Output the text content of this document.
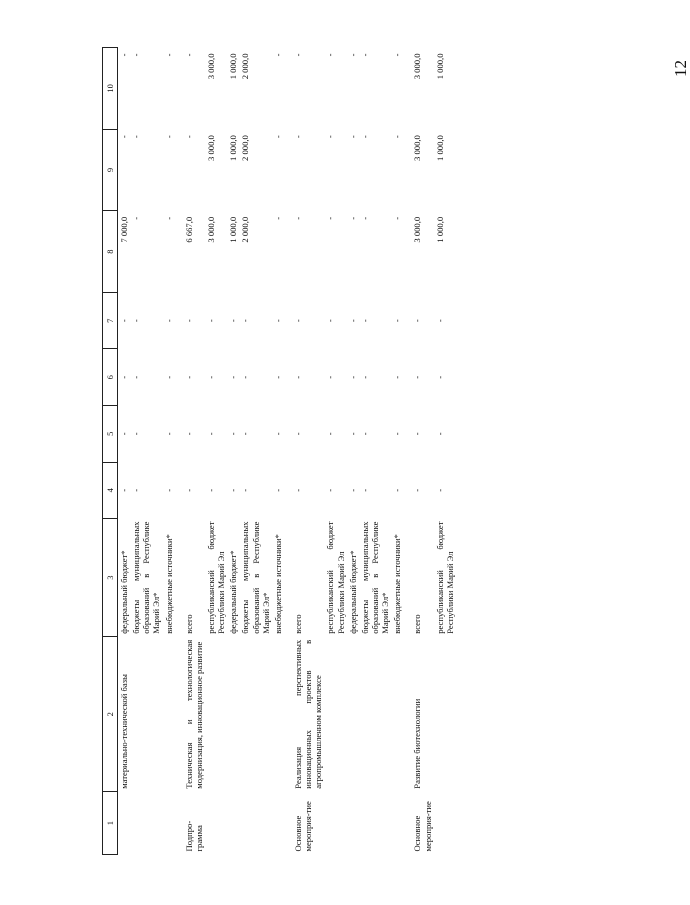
12
1	2	3	4	5	6	7	8	9	10
	материально-технической базы	федеральный бюджет*	-	-	-	-	7 000,0	-	-
		бюджеты муниципальных образований в Республике Марий Эл*	-	-	-	-	-	-	-
		внебюджетные источники*	-	-	-	-	-	-	-

Подпро-грамма	Техническая и технологическая модернизация, инновационное развитие	всего	-	-	-	-	6 667,0	-	-
		республиканский бюджет Республики Марий Эл	-	-	-	-	3 000,0	3 000,0	3 000,0
		федеральный бюджет*	-	-	-	-	1 000,0	1 000,0	1 000,0
		бюджеты муниципальных образований в Республике Марий Эл*	-	-	-	-	2 000,0	2 000,0	2 000,0
		внебюджетные источники*	-	-	-	-	-	-	-

Основное мероприя-тие	Реализация перспективных инновационных проектов в агропромышленном комплексе	всего	-	-	-	-	-	-	-
		республиканский бюджет Республики Марий Эл	-	-	-	-	-	-	-
		федеральный бюджет*	-	-	-	-	-	-	-
		бюджеты муниципальных образований в Республике Марий Эл*	-	-	-	-	-	-	-
		внебюджетные источники*	-	-	-	-	-	-	-

Основное мероприя-тие	Развитие биотехнологии	всего	-	-	-	-	3 000,0	3 000,0	3 000,0
		республиканский бюджет Республики Марий Эл	-	-	-	-	1 000,0	1 000,0	1 000,0
